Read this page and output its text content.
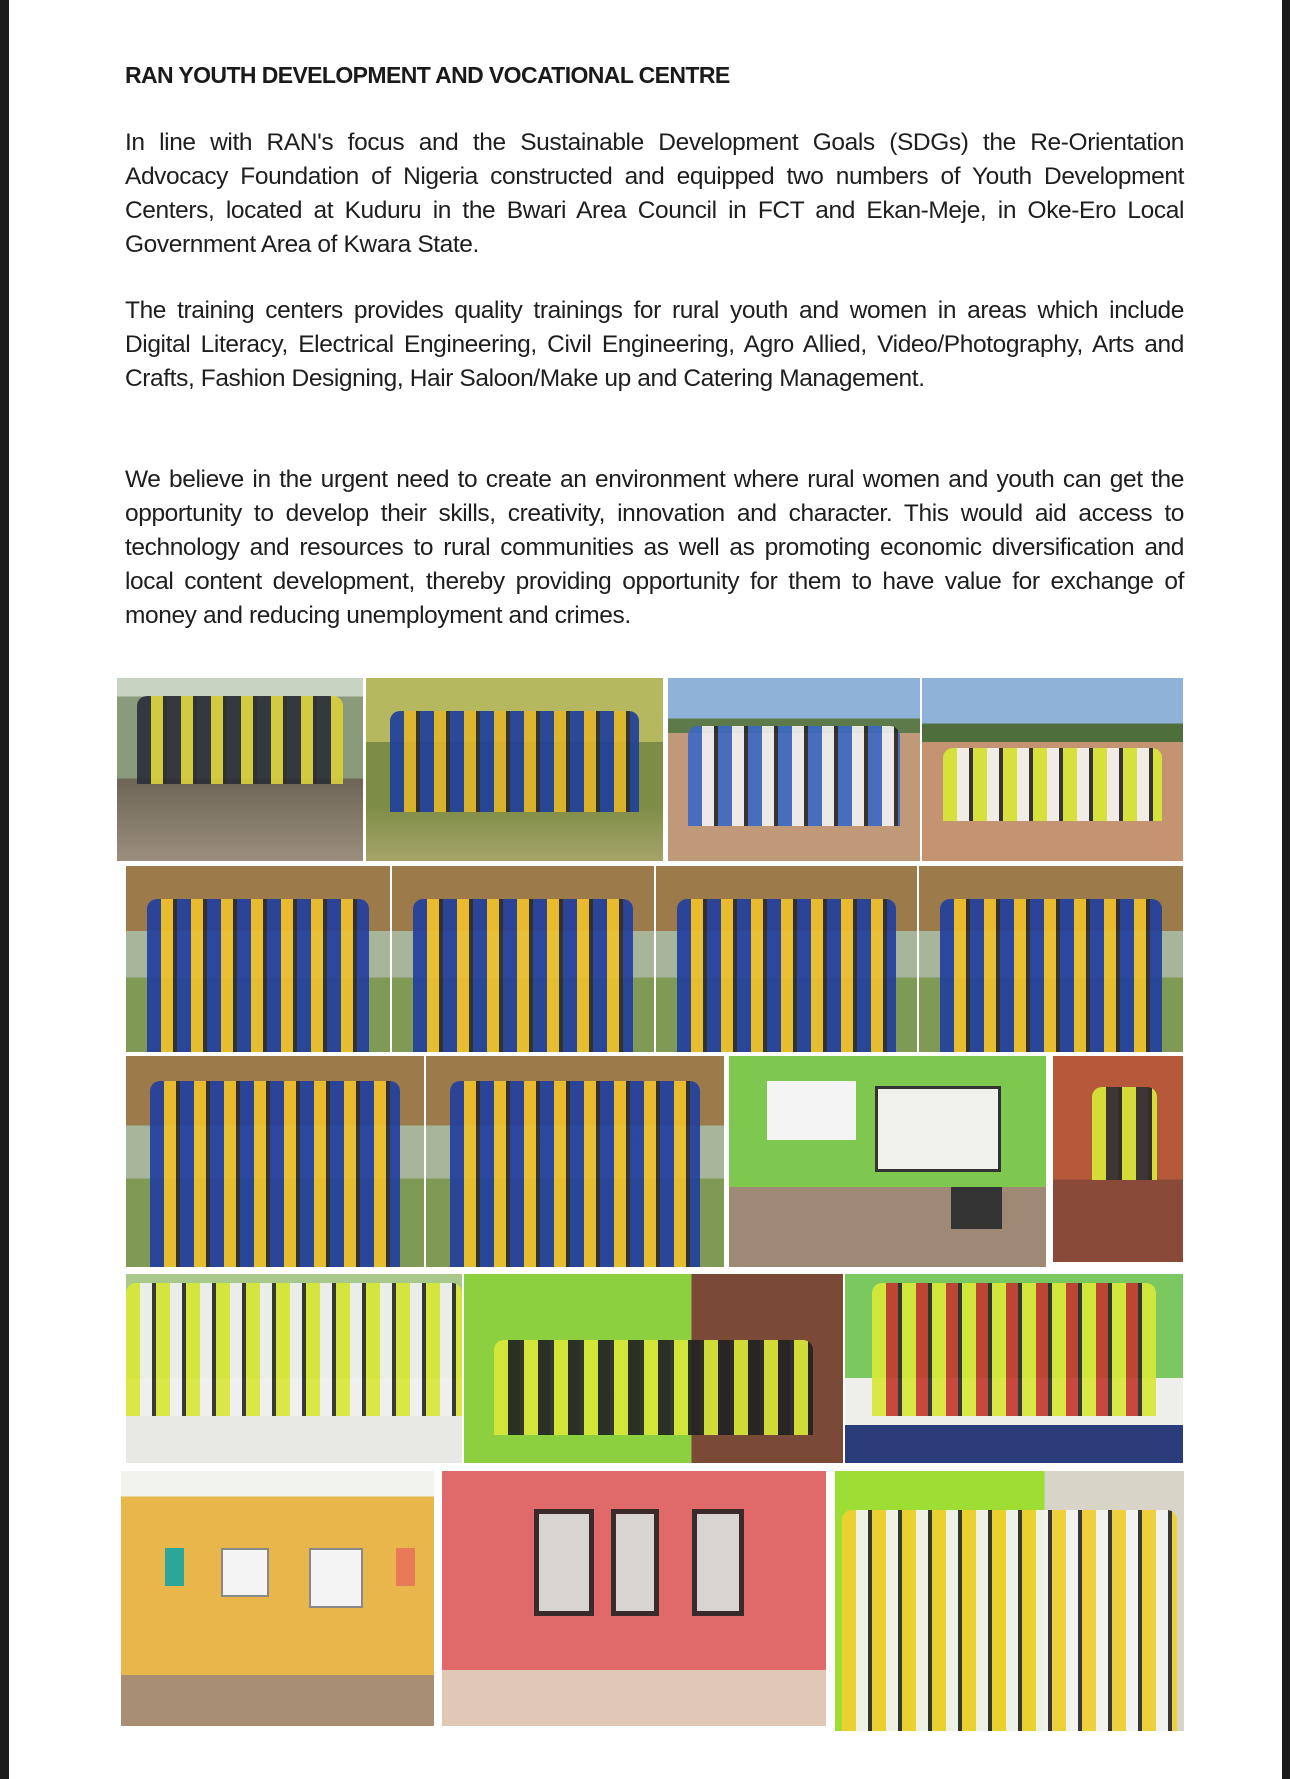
RAN YOUTH DEVELOPMENT AND VOCATIONAL CENTRE

In line with RAN's focus and the Sustainable Development Goals (SDGs) the Re-Orientation Advocacy Foundation of Nigeria constructed and equipped two numbers of Youth Development Centers, located at Kuduru in the Bwari Area Council in FCT and Ekan-Meje, in Oke-Ero Local Government Area of Kwara State.

The training centers provides quality trainings for rural youth and women in areas which include Digital Literacy, Electrical Engineering, Civil Engineering, Agro Allied, Video/Photography, Arts and Crafts, Fashion Designing, Hair Saloon/Make up and Catering Management.

We believe in the urgent need to create an environment where rural women and youth can get the opportunity to develop their skills, creativity, innovation and character. This would aid access to technology and resources to rural communities as well as promoting economic diversification and local content development, thereby providing opportunity for them to have value for exchange of money and reducing unemployment and crimes.
